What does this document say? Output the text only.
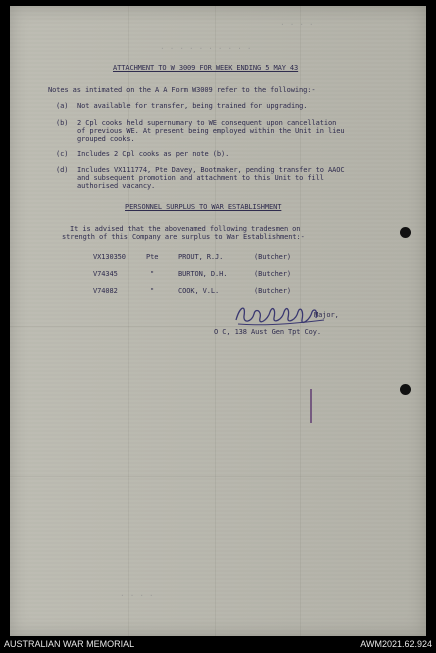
· · · ·
· · · · · · · · · ·
· · · ·
ATTACHMENT TO W 3009 FOR WEEK ENDING 5 MAY 43
Notes as intimated on the A A Form W3009 refer to the following:-
(a) Not available for transfer, being trained for upgrading.
(b) 2 Cpl cooks held supernumary to WE consequent upon cancellation
of previous WE. At present being employed within the Unit in lieu
grouped cooks.
(c) Includes 2 Cpl cooks as per note (b).
(d) Includes VX111774, Pte Davey, Bootmaker, pending transfer to AAOC
and subsequent promotion and attachment to this Unit to fill
authorised vacancy.
PERSONNEL SURPLUS TO WAR ESTABLISHMENT
It is advised that the abovenamed following tradesmen on
strength of this Company are surplus to War Establishment:-
VX130350	Pte	PROUT, R.J.	(Butcher)
V74345	"	BURTON, D.H.	(Butcher)
V74082	"	COOK, V.L.	(Butcher)
Major,
O C, 138 Aust Gen Tpt Coy.
AUSTRALIAN WAR MEMORIAL	AWM2021.62.924
